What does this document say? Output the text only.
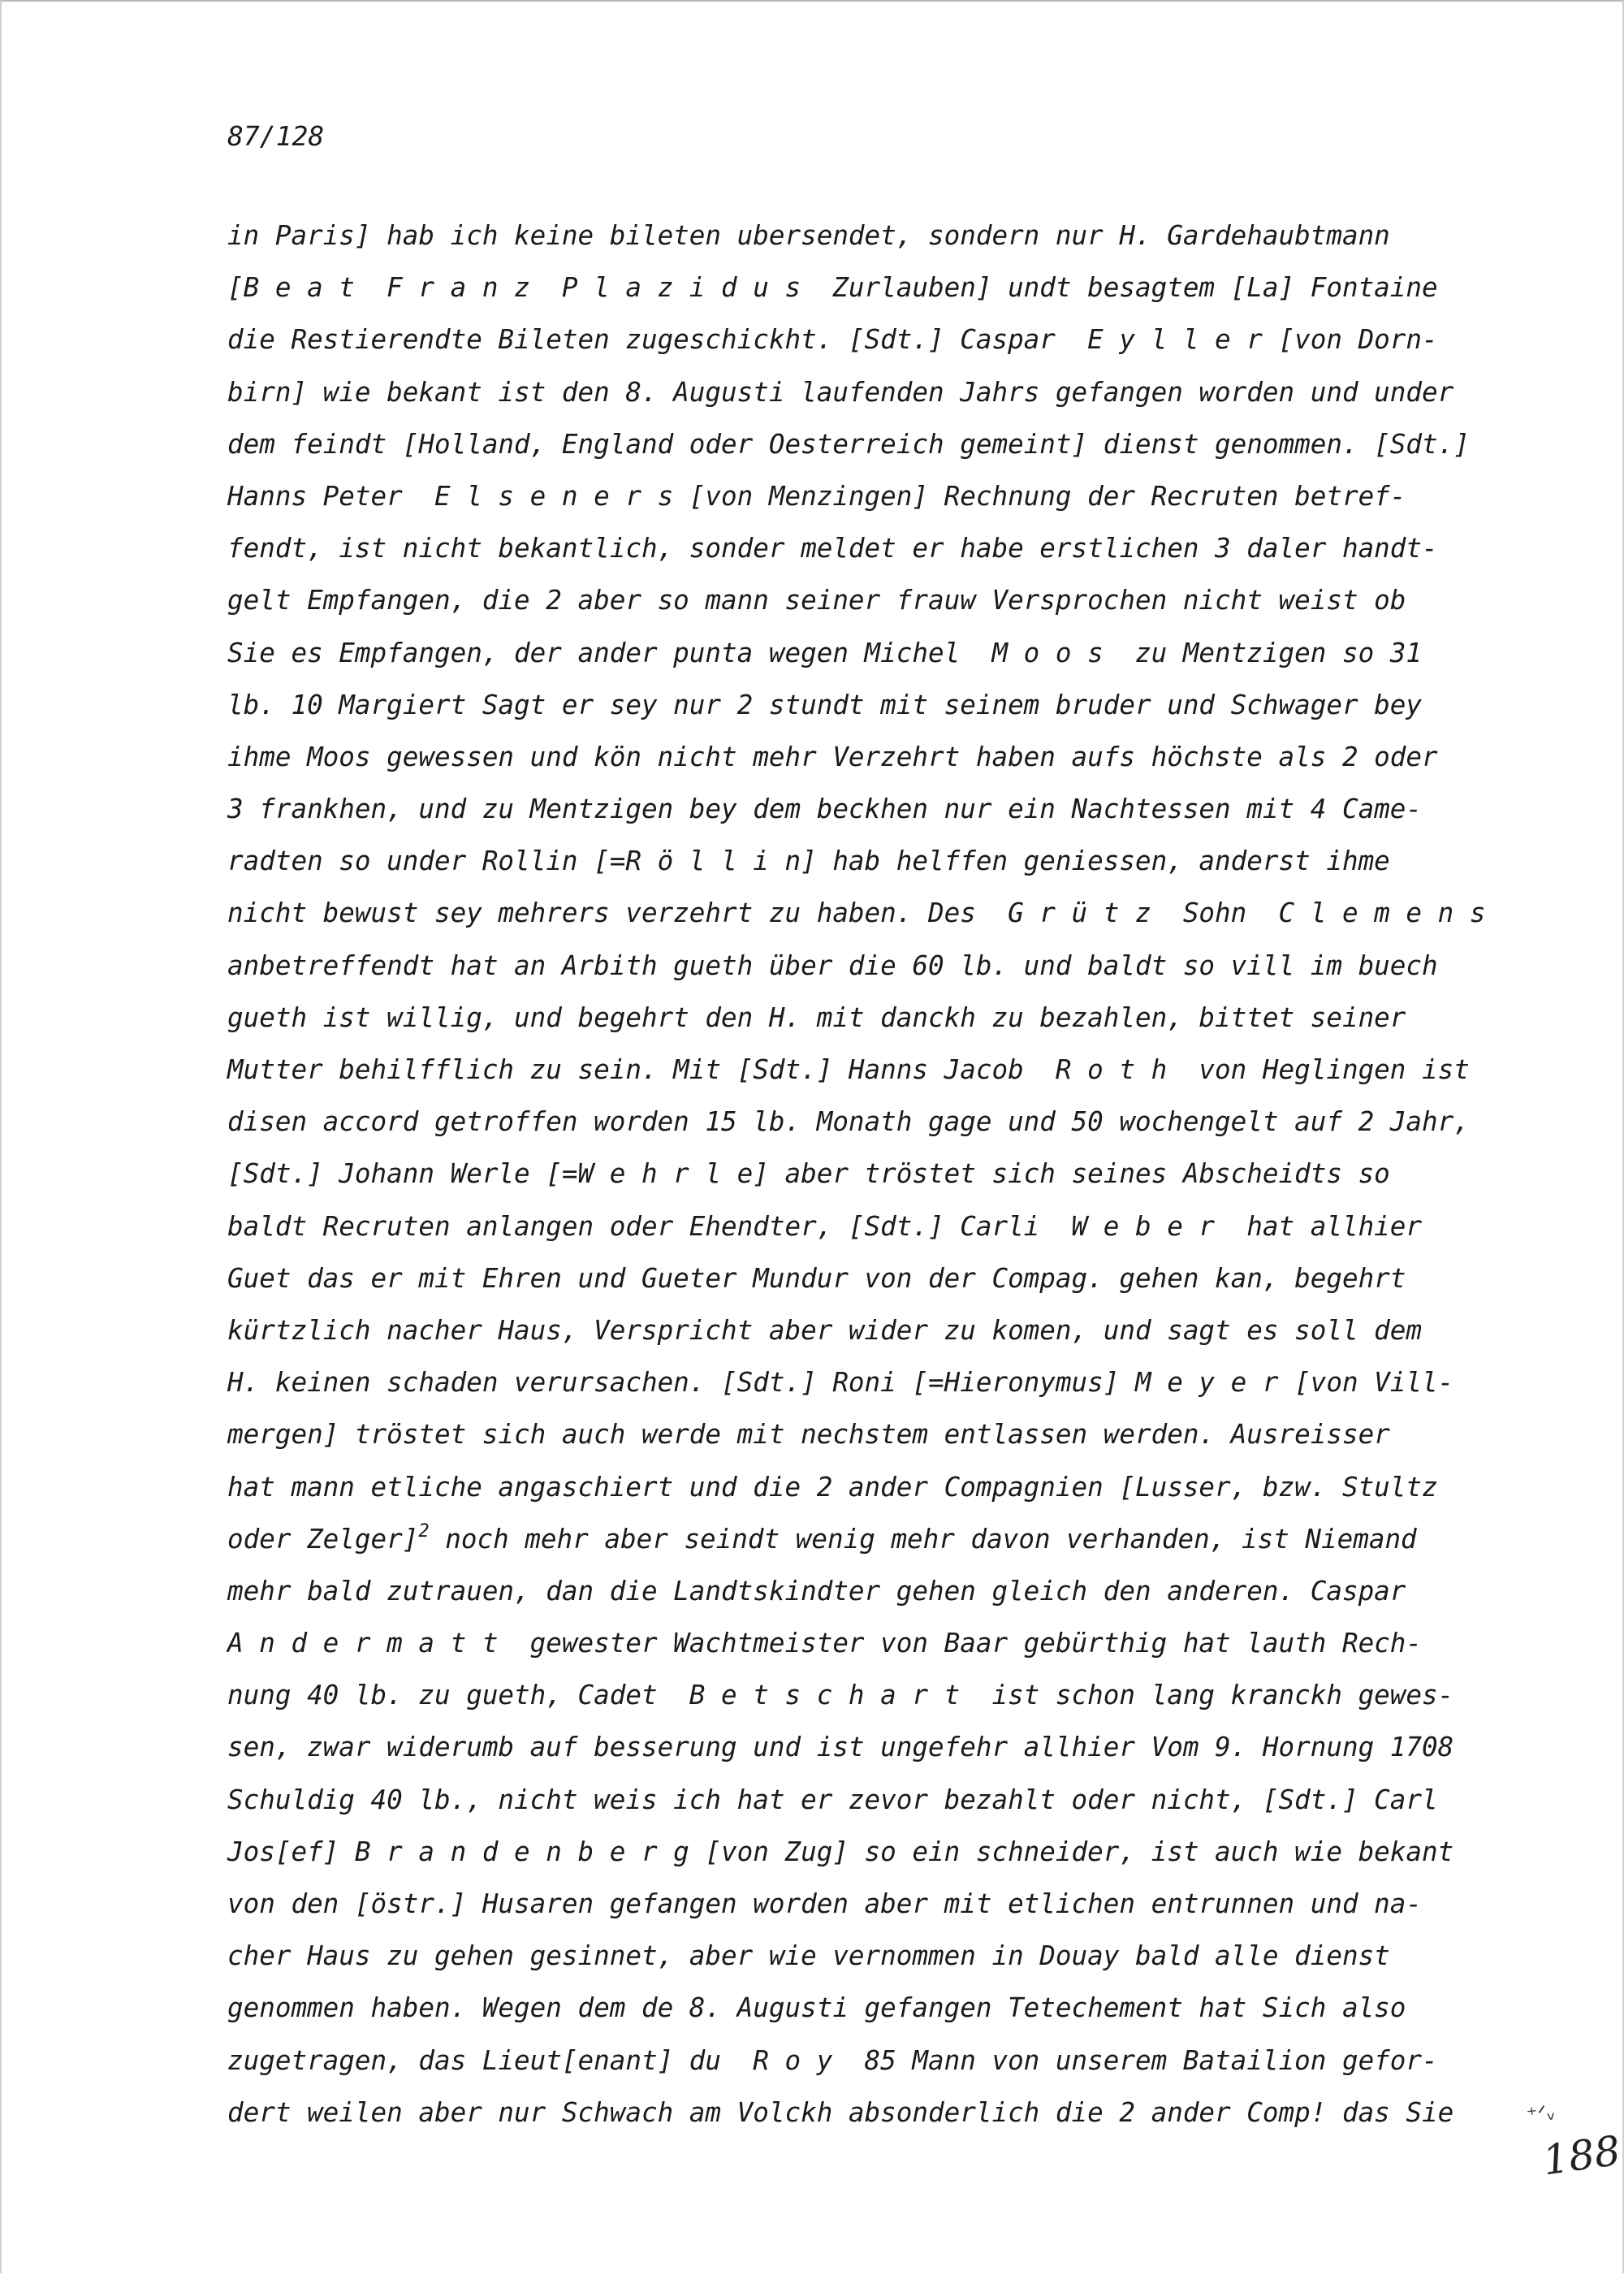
87/128
in Paris] hab ich keine bileten ubersendet, sondern nur H. Gardehaubtmann
[B e a t  F r a n z  P l a z i d u s  Zurlauben] undt besagtem [La] Fontaine
die Restierendte Bileten zugeschickht. [Sdt.] Caspar  E y l l e r [von Dorn-
birn] wie bekant ist den 8. Augusti laufenden Jahrs gefangen worden und under
dem feindt [Holland, England oder Oesterreich gemeint] dienst genommen. [Sdt.]
Hanns Peter  E l s e n e r s [von Menzingen] Rechnung der Recruten betref-
fendt, ist nicht bekantlich, sonder meldet er habe erstlichen 3 daler handt-
gelt Empfangen, die 2 aber so mann seiner frauw Versprochen nicht weist ob
Sie es Empfangen, der ander punta wegen Michel  M o o s  zu Mentzigen so 31
lb. 10 Margiert Sagt er sey nur 2 stundt mit seinem bruder und Schwager bey
ihme Moos gewessen und kön nicht mehr Verzehrt haben aufs höchste als 2 oder
3 frankhen, und zu Mentzigen bey dem beckhen nur ein Nachtessen mit 4 Came-
radten so under Rollin [=R ö l l i n] hab helffen geniessen, anderst ihme
nicht bewust sey mehrers verzehrt zu haben. Des  G r ü t z  Sohn  C l e m e n s
anbetreffendt hat an Arbith gueth über die 60 lb. und baldt so vill im buech
gueth ist willig, und begehrt den H. mit danckh zu bezahlen, bittet seiner
Mutter behilfflich zu sein. Mit [Sdt.] Hanns Jacob  R o t h  von Heglingen ist
disen accord getroffen worden 15 lb. Monath gage und 50 wochengelt auf 2 Jahr,
[Sdt.] Johann Werle [=W e h r l e] aber tröstet sich seines Abscheidts so
baldt Recruten anlangen oder Ehendter, [Sdt.] Carli  W e b e r  hat allhier
Guet das er mit Ehren und Gueter Mundur von der Compag. gehen kan, begehrt
kürtzlich nacher Haus, Verspricht aber wider zu komen, und sagt es soll dem
H. keinen schaden verursachen. [Sdt.] Roni [=Hieronymus] M e y e r [von Vill-
mergen] tröstet sich auch werde mit nechstem entlassen werden. Ausreisser
hat mann etliche angaschiert und die 2 ander Compagnien [Lusser, bzw. Stultz
oder Zelger]$^2$ noch mehr aber seindt wenig mehr davon verhanden, ist Niemand
mehr bald zutrauen, dan die Landtskindter gehen gleich den anderen. Caspar
A n d e r m a t t  gewester Wachtmeister von Baar gebürthig hat lauth Rech-
nung 40 lb. zu gueth, Cadet  B e t s c h a r t  ist schon lang kranckh gewes-
sen, zwar widerumb auf besserung und ist ungefehr allhier Vom 9. Hornung 1708
Schuldig 40 lb., nicht weis ich hat er zevor bezahlt oder nicht, [Sdt.] Carl
Jos[ef] B r a n d e n b e r g [von Zug] so ein schneider, ist auch wie bekant
von den [östr.] Husaren gefangen worden aber mit etlichen entrunnen und na-
cher Haus zu gehen gesinnet, aber wie vernommen in Douay bald alle dienst
genommen haben. Wegen dem de 8. Augusti gefangen Tetechement hat Sich also
zugetragen, das Lieut[enant] du  R o y  85 Mann von unserem Batailion gefor-
dert weilen aber nur Schwach am Volckh absonderlich die 2 ander Comp! das Sie	⁺ᐟᵥ
188
